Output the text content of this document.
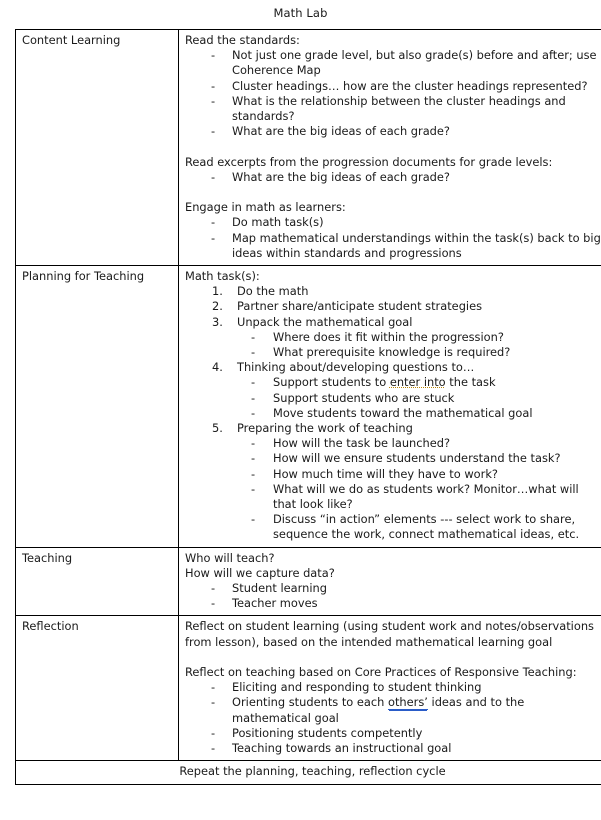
Math Lab
Content Learning	Read the standards:
- Not just one grade level, but also grade(s) before and after; use Coherence Map
- Cluster headings… how are the cluster headings represented?
- What is the relationship between the cluster headings and standards?
- What are the big ideas of each grade?

Read excerpts from the progression documents for grade levels:
- What are the big ideas of each grade?

Engage in math as learners:
- Do math task(s)
- Map mathematical understandings within the task(s) back to big ideas within standards and progressions

Planning for Teaching	Math task(s):
Do the math
Partner share/anticipate student strategies
Unpack the mathematical goal
- Where does it fit within the progression?
- What prerequisite knowledge is required?
Thinking about/developing questions to…
- Support students to enter into the task
- Support students who are stuck
- Move students toward the mathematical goal
Preparing the work of teaching
- How will the task be launched?
- How will we ensure students understand the task?
- How much time will they have to work?
- What will we do as students work? Monitor…what will that look like?
- Discuss “in action” elements --- select work to share, sequence the work, connect mathematical ideas, etc.

Teaching	Who will teach?
How will we capture data?
- Student learning
- Teacher moves

Reflection	Reflect on student learning (using student work and notes/observations from lesson), based on the intended mathematical learning goal

Reflect on teaching based on Core Practices of Responsive Teaching:
- Eliciting and responding to student thinking
- Orienting students to each others’ ideas and to the mathematical goal
- Positioning students competently
- Teaching towards an instructional goal

Repeat the planning, teaching, reflection cycle	
